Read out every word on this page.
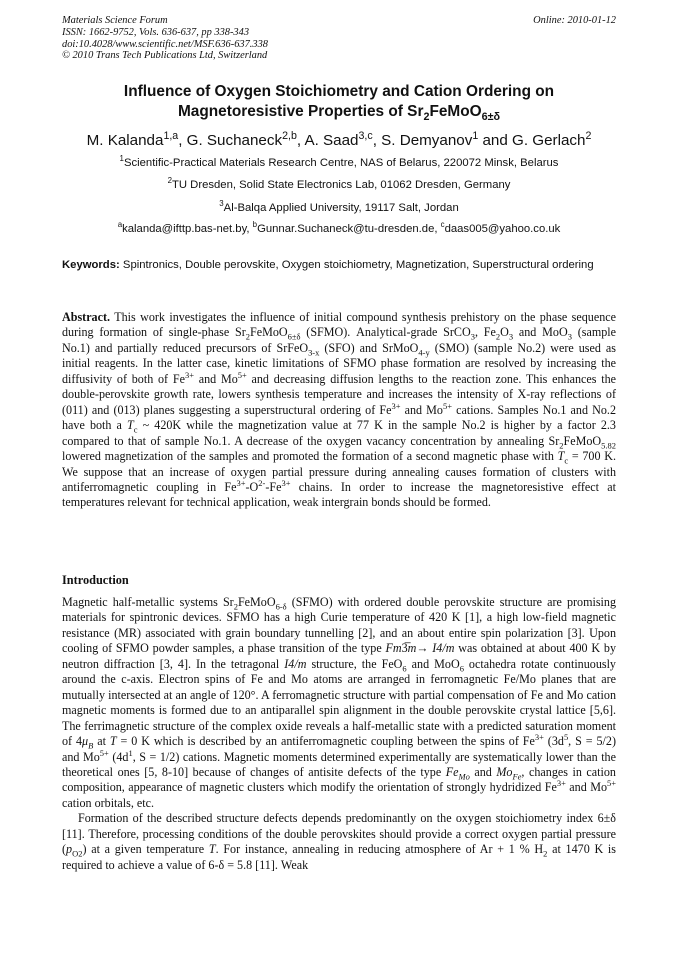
Materials Science Forum
ISSN: 1662-9752, Vols. 636-637, pp 338-343
doi:10.4028/www.scientific.net/MSF.636-637.338
© 2010 Trans Tech Publications Ltd, Switzerland
Online: 2010-01-12
Influence of Oxygen Stoichiometry and Cation Ordering on
Magnetoresistive Properties of $Sr_2FeMoO_{6\pm\delta}$
M. Kalanda$^{1,a}$, G. Suchaneck$^{2,b}$, A. Saad$^{3,c}$, S. Demyanov$^1$ and G. Gerlach$^2$
$^1$Scientific-Practical Materials Research Centre, NAS of Belarus, 220072 Minsk, Belarus
$^2$TU Dresden, Solid State Electronics Lab, 01062 Dresden, Germany
$^3$Al-Balqa Applied University, 19117 Salt, Jordan
$^a$kalanda@ifttp.bas-net.by, $^b$Gunnar.Suchaneck@tu-dresden.de, $^c$daas005@yahoo.co.uk
Keywords: Spintronics, Double perovskite, Oxygen stoichiometry, Magnetization, Superstructural ordering
Abstract. This work investigates the influence of initial compound synthesis prehistory on the phase sequence during formation of single-phase $Sr_2FeMoO_{6\pm\delta}$ (SFMO). Analytical-grade SrCO$_3$, $Fe_2O_3$ and MoO$_3$ (sample No.1) and partially reduced precursors of SrFeO$_{3-x}$ (SFO) and SrMoO$_{4-y}$ (SMO) (sample No.2) were used as initial reagents. In the latter case, kinetic limitations of SFMO phase formation are resolved by increasing the diffusivity of both of $Fe^{3+}$ and $Mo^{5+}$ and decreasing diffusion lengths to the reaction zone. This enhances the double-perovskite growth rate, lowers synthesis temperature and increases the intensity of X-ray reflections of (011) and (013) planes suggesting a superstructural ordering of $Fe^{3+}$ and $Mo^{5+}$ cations. Samples No.1 and No.2 have both a $T_c$ ~ 420K while the magnetization value at 77 K in the sample No.2 is higher by a factor 2.3 compared to that of sample No.1. A decrease of the oxygen vacancy concentration by annealing $Sr_2FeMoO_{5.82}$ lowered magnetization of the samples and promoted the formation of a second magnetic phase with $T_c = 700$ K. We suppose that an increase of oxygen partial pressure during annealing causes formation of clusters with antiferromagnetic coupling in $Fe^{3+}-O^{2-}-Fe^{3+}$ chains. In order to increase the magnetoresistive effect at temperatures relevant for technical application, weak intergrain bonds should be formed.
Introduction

Magnetic half-metallic systems $Sr_2FeMoO_{6-\delta}$ (SFMO) with ordered double perovskite structure are promising materials for spintronic devices. SFMO has a high Curie temperature of 420 K [1], a high low-field magnetic resistance (MR) associated with grain boundary tunnelling [2], and an about entire spin polarization [3]. Upon cooling of SFMO powder samples, a phase transition of the type Fm3̅m→ I4/m was obtained at about 400 K by neutron diffraction [3, 4]. In the tetragonal I4/m structure, the FeO$_6$ and MoO$_6$ octahedra rotate continuously around the c-axis. Electron spins of Fe and Mo atoms are arranged in ferromagnetic Fe/Mo planes that are mutually intersected at an angle of 120°. A ferromagnetic structure with partial compensation of Fe and Mo cation magnetic moments is formed due to an antiparallel spin alignment in the double perovskite crystal lattice [5,6]. The ferrimagnetic structure of the complex oxide reveals a half-metallic state with a predicted saturation moment of $4\mu_B$ at T = 0 K which is described by an antiferromagnetic coupling between the spins of $Fe^{3+}$ ($3d^5$, S = 5/2) and $Mo^{5+}$ ($4d^1$, S = 1/2) cations. Magnetic moments determined experimentally are systematically lower than the theoretical ones [5, 8-10] because of changes of antisite defects of the type $Fe_{Mo}$ and $Mo_{Fe}$, changes in cation composition, appearance of magnetic clusters which modify the orientation of strongly hydridized $Fe^{3+}$ and $Mo^{5+}$ cation orbitals, etc.

Formation of the described structure defects depends predominantly on the oxygen stoichiometry index 6±δ [11]. Therefore, processing conditions of the double perovskites should provide a correct oxygen partial pressure $(p_{O2})$ at a given temperature T. For instance, annealing in reducing atmosphere of Ar + 1 % $H_2$ at 1470 K is required to achieve a value of 6-δ = 5.8 [11]. Weak
